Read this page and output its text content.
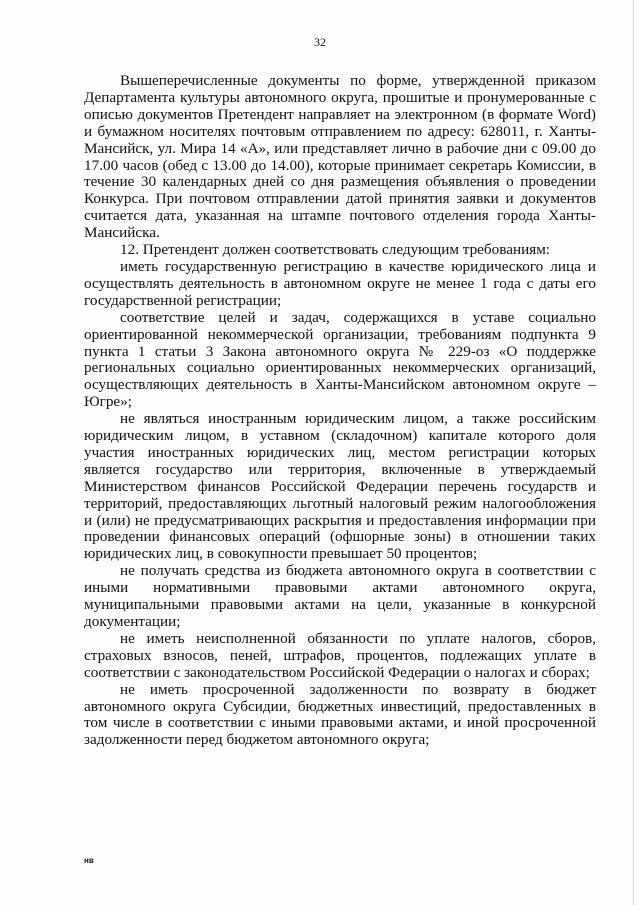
32

Вышеперечисленные документы по форме, утвержденной приказом Департамента культуры автономного округа, прошитые и пронумерованные с описью документов Претендент направляет на электронном (в формате Word) и бумажном носителях почтовым отправлением по адресу: 628011, г. Ханты-Мансийск, ул. Мира 14 «А», или представляет лично в рабочие дни с 09.00 до 17.00 часов (обед с 13.00 до 14.00), которые принимает секретарь Комиссии, в течение 30 календарных дней со дня размещения объявления о проведении Конкурса. При почтовом отправлении датой принятия заявки и документов считается дата, указанная на штампе почтового отделения города Ханты-Мансийска.

12. Претендент должен соответствовать следующим требованиям:

иметь государственную регистрацию в качестве юридического лица и осуществлять деятельность в автономном округе не менее 1 года с даты его государственной регистрации;

соответствие целей и задач, содержащихся в уставе социально ориентированной некоммерческой организации, требованиям подпункта 9 пункта 1 статьи 3 Закона автономного округа № 229-оз «О поддержке региональных социально ориентированных некоммерческих организаций, осуществляющих деятельность в Ханты-Мансийском автономном округе – Югре»;

не являться иностранным юридическим лицом, а также российским юридическим лицом, в уставном (складочном) капитале которого доля участия иностранных юридических лиц, местом регистрации которых является государство или территория, включенные в утверждаемый Министерством финансов Российской Федерации перечень государств и территорий, предоставляющих льготный налоговый режим налогообложения и (или) не предусматривающих раскрытия и предоставления информации при проведении финансовых операций (офшорные зоны) в отношении таких юридических лиц, в совокупности превышает 50 процентов;

не получать средства из бюджета автономного округа в соответствии с иными нормативными правовыми актами автономного округа, муниципальными правовыми актами на цели, указанные в конкурсной документации;

не иметь неисполненной обязанности по уплате налогов, сборов, страховых взносов, пеней, штрафов, процентов, подлежащих уплате в соответствии с законодательством Российской Федерации о налогах и сборах;

не иметь просроченной задолженности по возврату в бюджет автономного округа Субсидии, бюджетных инвестиций, предоставленных в том числе в соответствии с иными правовыми актами, и иной просроченной задолженности перед бюджетом автономного округа;

нв
